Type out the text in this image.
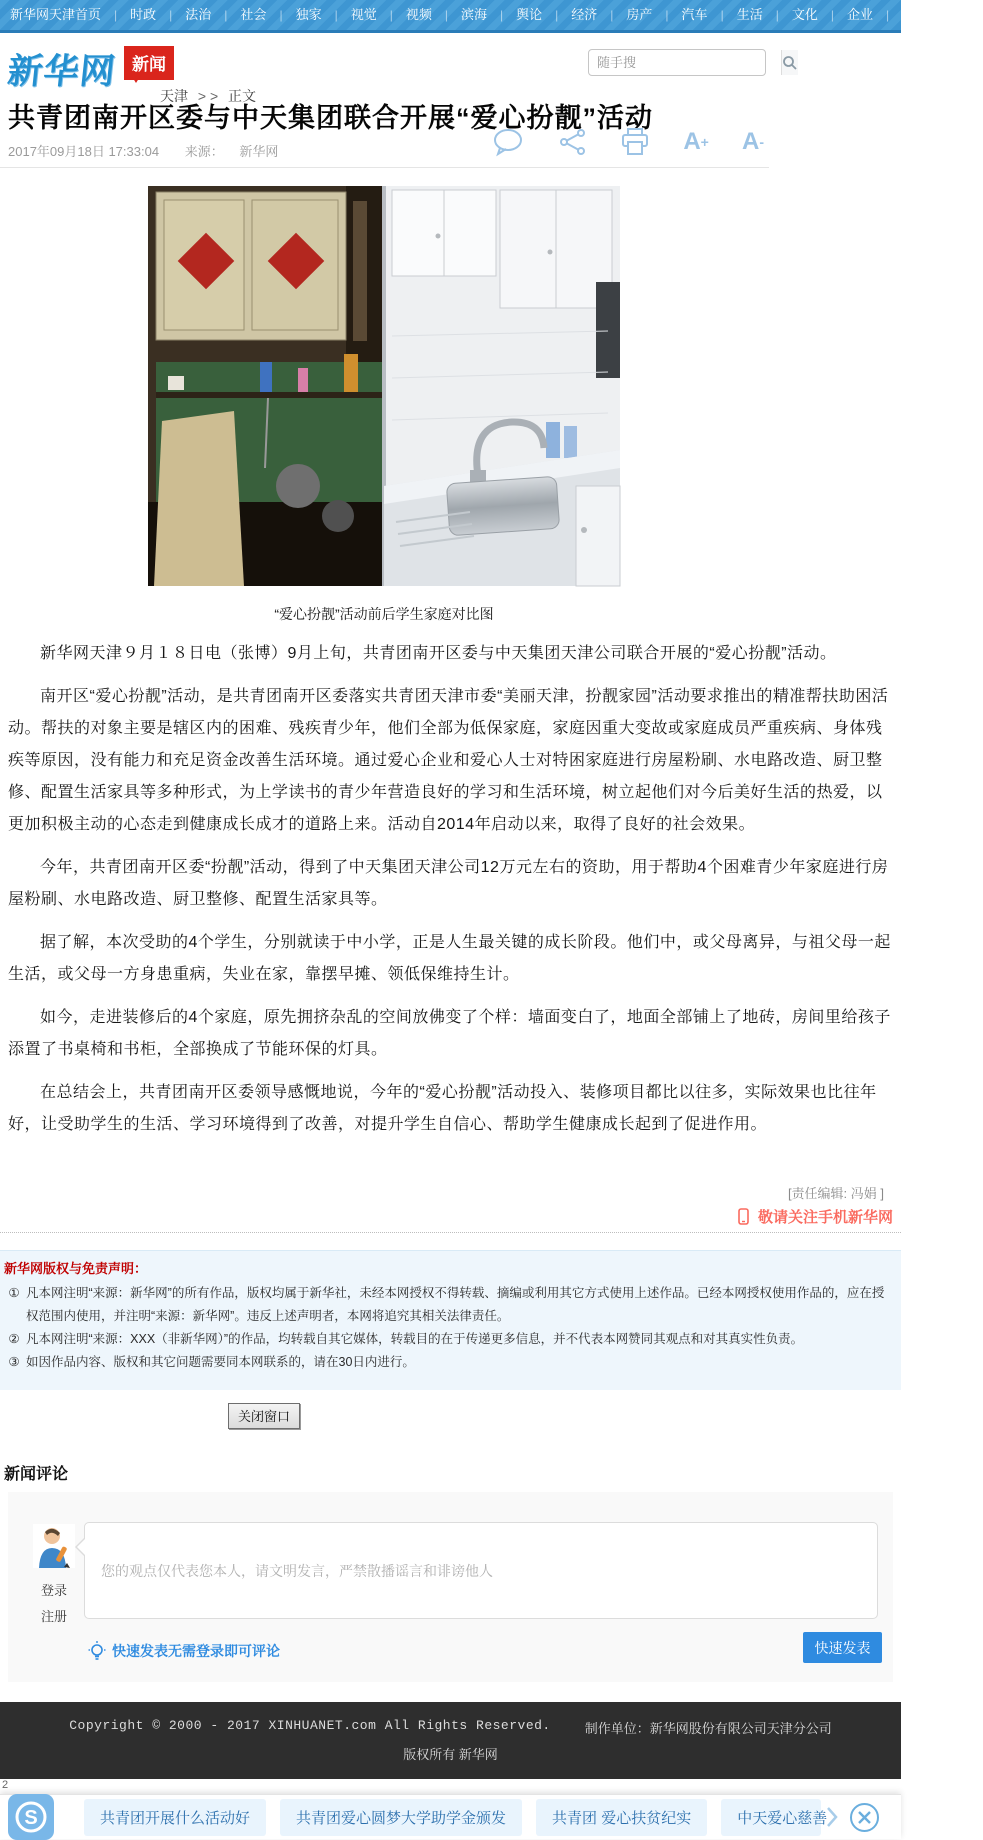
新华网天津首页	| 时政	| 法治	| 社会	| 独家	| 视觉	| 视频	| 滨海	| 舆论	| 经济	| 房产	| 汽车	| 生活	| 文化	| 企业	| 服务	| 健康
新华网 新闻
天津 > > 正文
随手搜
共青团南开区委与中天集团联合开展“爱心扮靓”活动
2017年09月18日 17:33:04 来源： 新华网	A + A -
“爱心扮靓”活动前后学生家庭对比图

新华网天津９月１８日电（张博）9月上旬，共青团南开区委与中天集团天津公司联合开展的“爱心扮靓”活动。

南开区“爱心扮靓”活动，是共青团南开区委落实共青团天津市委“美丽天津，扮靓家园”活动要求推出的精准帮扶助困活动。帮扶的对象主要是辖区内的困难、残疾青少年，他们全部为低保家庭，家庭因重大变故或家庭成员严重疾病、身体残疾等原因，没有能力和充足资金改善生活环境。通过爱心企业和爱心人士对特困家庭进行房屋粉刷、水电路改造、厨卫整修、配置生活家具等多种形式，为上学读书的青少年营造良好的学习和生活环境，树立起他们对今后美好生活的热爱，以更加积极主动的心态走到健康成长成才的道路上来。活动自2014年启动以来，取得了良好的社会效果。

今年，共青团南开区委“扮靓”活动，得到了中天集团天津公司12万元左右的资助，用于帮助4个困难青少年家庭进行房屋粉刷、水电路改造、厨卫整修、配置生活家具等。

据了解，本次受助的4个学生，分别就读于中小学，正是人生最关键的成长阶段。他们中，或父母离异，与祖父母一起生活，或父母一方身患重病，失业在家，靠摆早摊、领低保维持生计。

如今，走进装修后的4个家庭，原先拥挤杂乱的空间放佛变了个样：墙面变白了，地面全部铺上了地砖，房间里给孩子添置了书桌椅和书柜，全部换成了节能环保的灯具。

在总结会上，共青团南开区委领导感慨地说，今年的“爱心扮靓”活动投入、装修项目都比以往多，实际效果也比往年好，让受助学生的生活、学习环境得到了改善，对提升学生自信心、帮助学生健康成长起到了促进作用。

[责任编辑: 冯娟 ]
敬请关注手机新华网
新华网版权与免责声明：
① 凡本网注明“来源：新华网”的所有作品，版权均属于新华社，未经本网授权不得转载、摘编或利用其它方式使用上述作品。已经本网授权使用作品的，应在授权范围内使用，并注明“来源：新华网”。违反上述声明者，本网将追究其相关法律责任。
② 凡本网注明“来源：XXX（非新华网）”的作品，均转载自其它媒体，转载目的在于传递更多信息，并不代表本网赞同其观点和对其真实性负责。
③ 如因作品内容、版权和其它问题需要同本网联系的，请在30日内进行。
关闭窗口
新闻评论
登录
注册
您的观点仅代表您本人，请文明发言，严禁散播谣言和诽谤他人
快速发表无需登录即可评论	快速发表
Copyright © 2000 - 2017 XINHUANET.com All Rights Reserved.	制作单位：新华网股份有限公司天津分公司
版权所有 新华网
2
S	共青团开展什么活动好	共青团爱心圆梦大学助学金颁发	共青团 爱心扶贫纪实	中天爱心慈善
